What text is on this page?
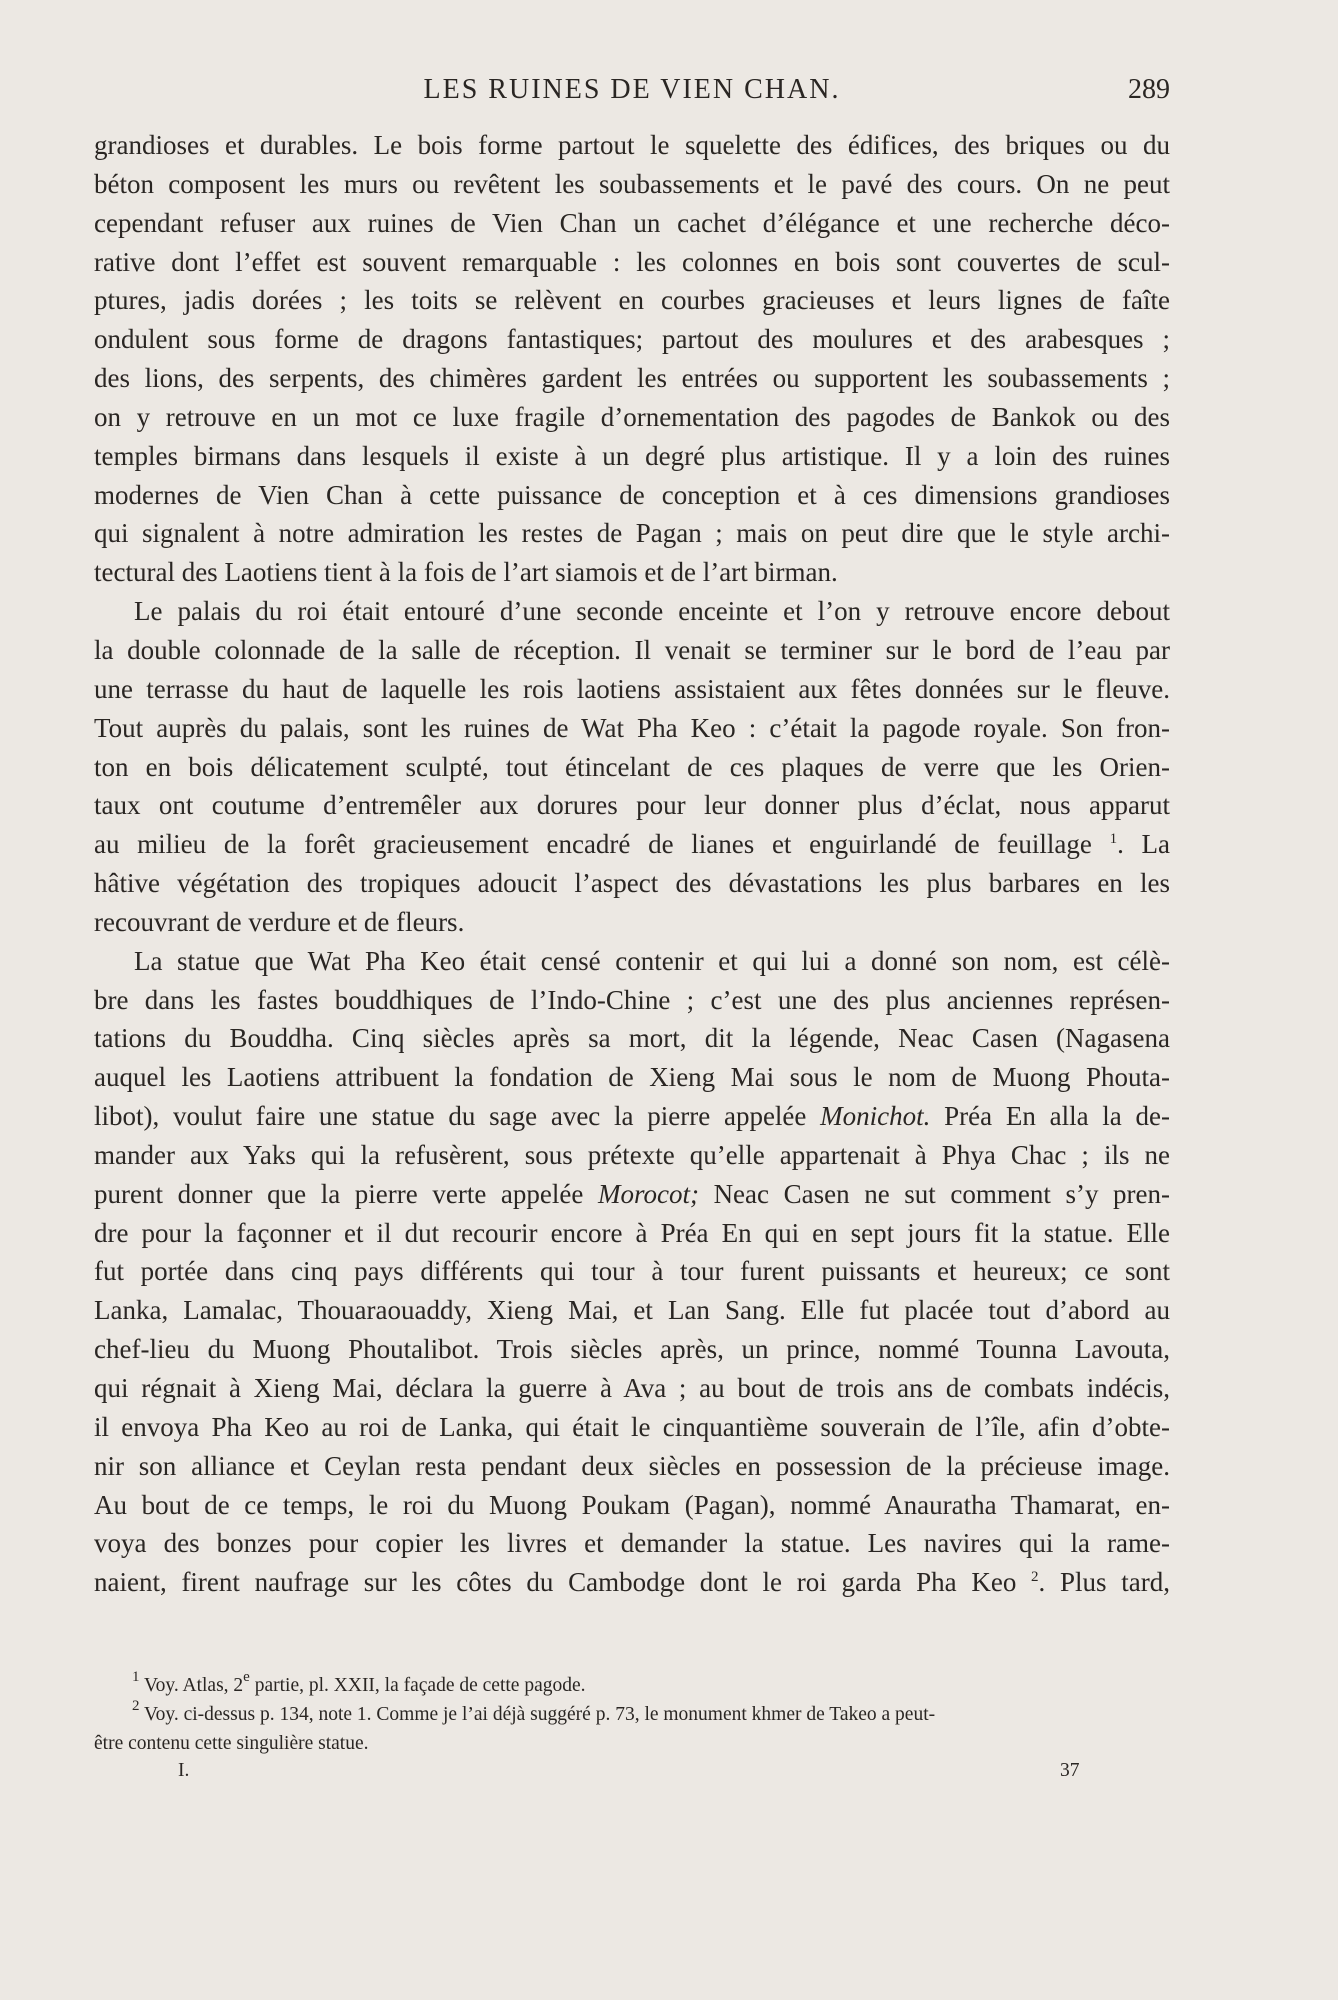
LES RUINES DE VIEN CHAN.	289
grandioses et durables. Le bois forme partout le squelette des édifices, des briques ou du
béton composent les murs ou revêtent les soubassements et le pavé des cours. On ne peut
cependant refuser aux ruines de Vien Chan un cachet d’élégance et une recherche déco-
rative dont l’effet est souvent remarquable : les colonnes en bois sont couvertes de scul-
ptures, jadis dorées ; les toits se relèvent en courbes gracieuses et leurs lignes de faîte
ondulent sous forme de dragons fantastiques; partout des moulures et des arabesques ;
des lions, des serpents, des chimères gardent les entrées ou supportent les soubassements ;
on y retrouve en un mot ce luxe fragile d’ornementation des pagodes de Bankok ou des
temples birmans dans lesquels il existe à un degré plus artistique. Il y a loin des ruines
modernes de Vien Chan à cette puissance de conception et à ces dimensions grandioses
qui signalent à notre admiration les restes de Pagan ; mais on peut dire que le style archi-
tectural des Laotiens tient à la fois de l’art siamois et de l’art birman.
Le palais du roi était entouré d’une seconde enceinte et l’on y retrouve encore debout
la double colonnade de la salle de réception. Il venait se terminer sur le bord de l’eau par
une terrasse du haut de laquelle les rois laotiens assistaient aux fêtes données sur le fleuve.
Tout auprès du palais, sont les ruines de Wat Pha Keo : c’était la pagode royale. Son fron-
ton en bois délicatement sculpté, tout étincelant de ces plaques de verre que les Orien-
taux ont coutume d’entremêler aux dorures pour leur donner plus d’éclat, nous apparut
au milieu de la forêt gracieusement encadré de lianes et enguirlandé de feuillage $^1$. La
hâtive végétation des tropiques adoucit l’aspect des dévastations les plus barbares en les
recouvrant de verdure et de fleurs.
La statue que Wat Pha Keo était censé contenir et qui lui a donné son nom, est célè-
bre dans les fastes bouddhiques de l’Indo-Chine ; c’est une des plus anciennes représen-
tations du Bouddha. Cinq siècles après sa mort, dit la légende, Neac Casen (Nagasena
auquel les Laotiens attribuent la fondation de Xieng Mai sous le nom de Muong Phouta-
libot), voulut faire une statue du sage avec la pierre appelée Monichot. Préa En alla la de-
mander aux Yaks qui la refusèrent, sous prétexte qu’elle appartenait à Phya Chac ; ils ne
purent donner que la pierre verte appelée Morocot; Neac Casen ne sut comment s’y pren-
dre pour la façonner et il dut recourir encore à Préa En qui en sept jours fit la statue. Elle
fut portée dans cinq pays différents qui tour à tour furent puissants et heureux; ce sont
Lanka, Lamalac, Thouaraouaddy, Xieng Mai, et Lan Sang. Elle fut placée tout d’abord au
chef-lieu du Muong Phoutalibot. Trois siècles après, un prince, nommé Tounna Lavouta,
qui régnait à Xieng Mai, déclara la guerre à Ava ; au bout de trois ans de combats indécis,
il envoya Pha Keo au roi de Lanka, qui était le cinquantième souverain de l’île, afin d’obte-
nir son alliance et Ceylan resta pendant deux siècles en possession de la précieuse image.
Au bout de ce temps, le roi du Muong Poukam (Pagan), nommé Anauratha Thamarat, en-
voya des bonzes pour copier les livres et demander la statue. Les navires qui la rame-
naient, firent naufrage sur les côtes du Cambodge dont le roi garda Pha Keo $^2$. Plus tard,
$^1$ Voy. Atlas, 2e partie, pl. XXII, la façade de cette pagode.
$^2$ Voy. ci-dessus p. 134, note 1. Comme je l’ai déjà suggéré p. 73, le monument khmer de Takeo a peut-
être contenu cette singulière statue.
I.	37
